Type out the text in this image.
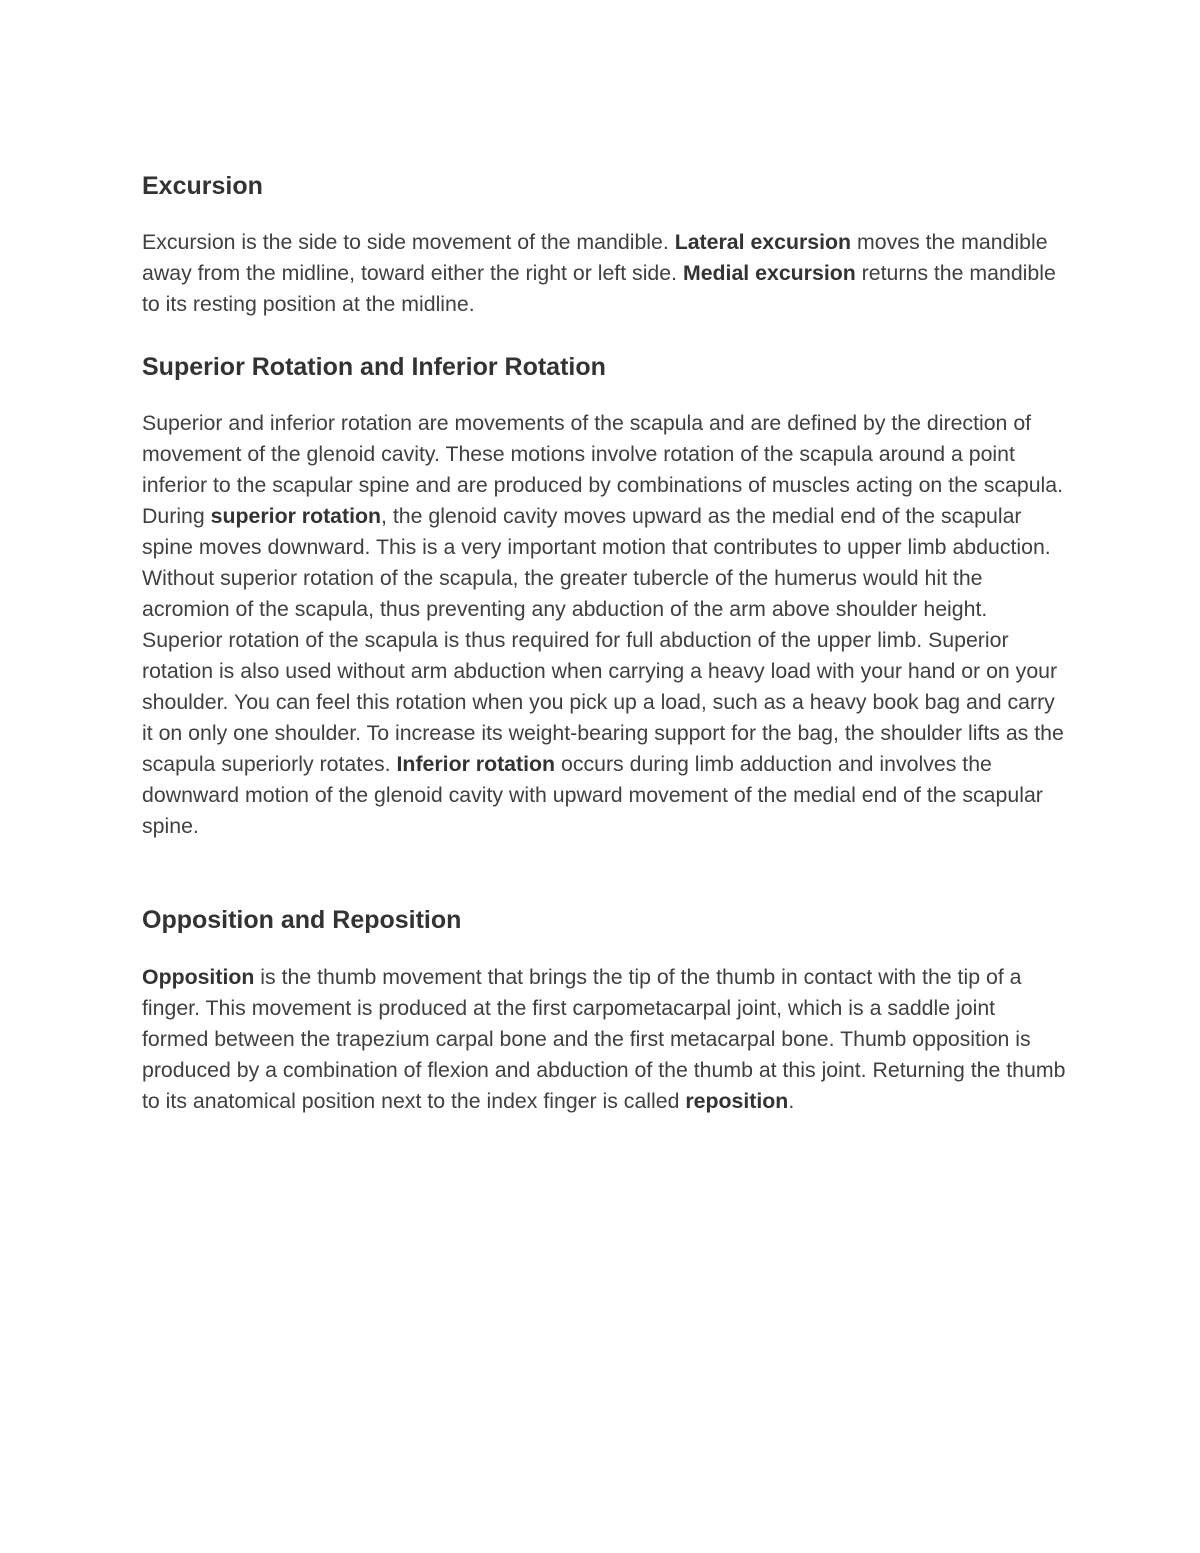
Excursion

Excursion is the side to side movement of the mandible. Lateral excursion moves the mandible away from the midline, toward either the right or left side. Medial excursion returns the mandible to its resting position at the midline.

Superior Rotation and Inferior Rotation

Superior and inferior rotation are movements of the scapula and are defined by the direction of movement of the glenoid cavity. These motions involve rotation of the scapula around a point inferior to the scapular spine and are produced by combinations of muscles acting on the scapula. During superior rotation, the glenoid cavity moves upward as the medial end of the scapular spine moves downward. This is a very important motion that contributes to upper limb abduction. Without superior rotation of the scapula, the greater tubercle of the humerus would hit the acromion of the scapula, thus preventing any abduction of the arm above shoulder height. Superior rotation of the scapula is thus required for full abduction of the upper limb. Superior rotation is also used without arm abduction when carrying a heavy load with your hand or on your shoulder. You can feel this rotation when you pick up a load, such as a heavy book bag and carry it on only one shoulder. To increase its weight-bearing support for the bag, the shoulder lifts as the scapula superiorly rotates. Inferior rotation occurs during limb adduction and involves the downward motion of the glenoid cavity with upward movement of the medial end of the scapular spine.

Opposition and Reposition

Opposition is the thumb movement that brings the tip of the thumb in contact with the tip of a finger. This movement is produced at the first carpometacarpal joint, which is a saddle joint formed between the trapezium carpal bone and the first metacarpal bone. Thumb opposition is produced by a combination of flexion and abduction of the thumb at this joint. Returning the thumb to its anatomical position next to the index finger is called reposition.
